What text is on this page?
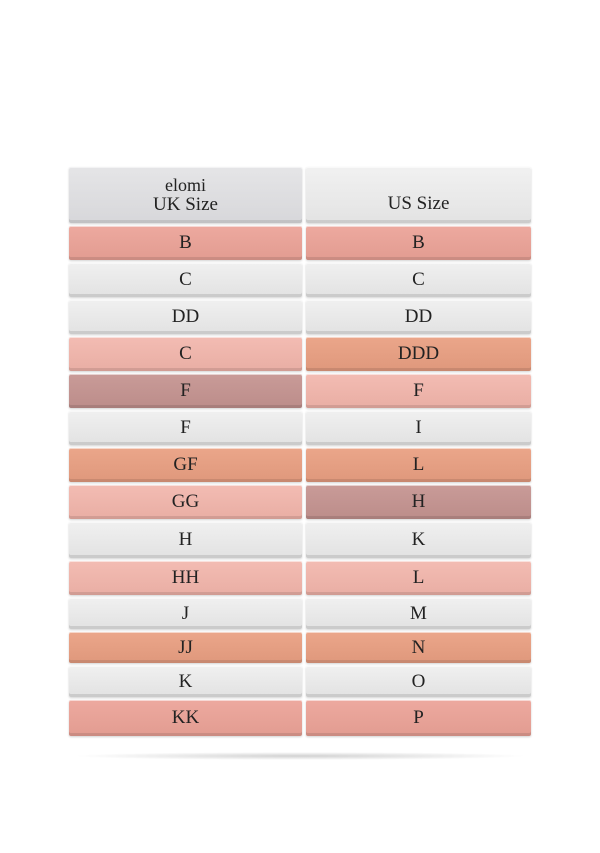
elomi
UK Size	US Size
B	B
C	C
DD	DD
C	DDD
F	F
F	I
GF	L
GG	H
H	K
HH	L
J	M
JJ	N
K	O
KK	P
